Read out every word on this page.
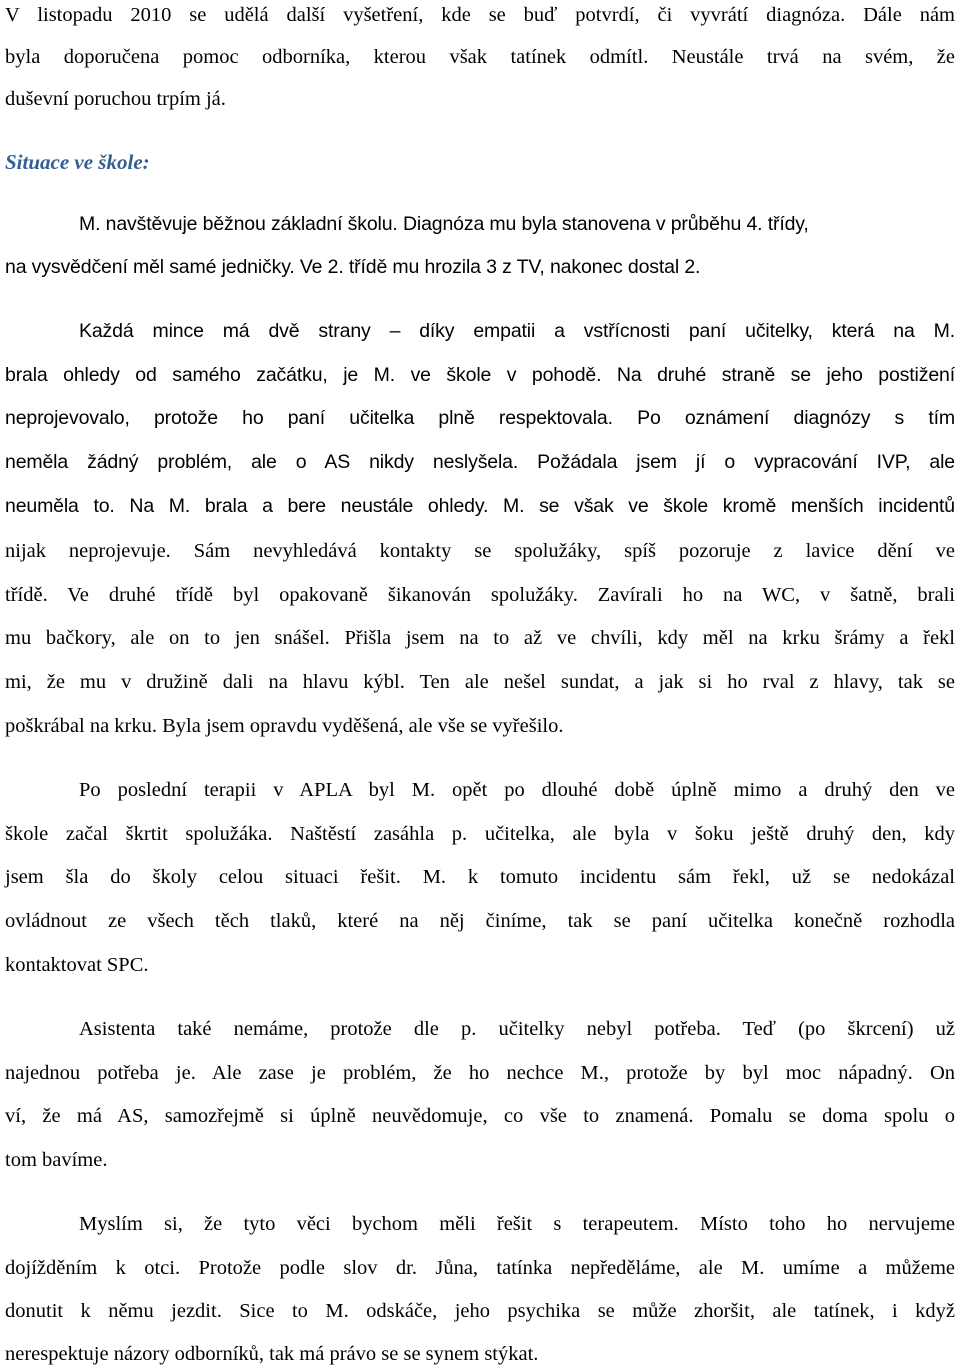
V listopadu 2010 se udělá další vyšetření, kde se buď potvrdí, či vyvrátí diagnóza. Dále nám

byla doporučena pomoc odborníka, kterou však tatínek odmítl. Neustále trvá na svém, že

duševní poruchou trpím já.

Situace ve škole:

M. navštěvuje běžnou základní školu. Diagnóza mu byla stanovena v průběhu 4. třídy,

na vysvědčení měl samé jedničky. Ve 2. třídě mu hrozila 3 z TV, nakonec dostal 2.

Každá mince má dvě strany – díky empatii a vstřícnosti paní učitelky, která na M.

brala ohledy od samého začátku, je M. ve škole v pohodě. Na druhé straně se jeho postižení

neprojevovalo, protože ho paní učitelka plně respektovala. Po oznámení diagnózy s tím

neměla žádný problém, ale o AS nikdy neslyšela. Požádala jsem jí o vypracování IVP, ale

neuměla to. Na M. brala a bere neustále ohledy. M. se však ve škole kromě menších incidentů

nijak neprojevuje. Sám nevyhledává kontakty se spolužáky, spíš pozoruje z lavice dění ve

třídě. Ve druhé třídě byl opakovaně šikanován spolužáky. Zavírali ho na WC, v šatně, brali

mu bačkory, ale on to jen snášel. Přišla jsem na to až ve chvíli, kdy měl na krku šrámy a řekl

mi, že mu v družině dali na hlavu kýbl. Ten ale nešel sundat, a jak si ho rval z hlavy, tak se

poškrábal na krku. Byla jsem opravdu vyděšená, ale vše se vyřešilo.

Po poslední terapii v APLA byl M. opět po dlouhé době úplně mimo a druhý den ve

škole začal škrtit spolužáka. Naštěstí zasáhla p. učitelka, ale byla v šoku ještě druhý den, kdy

jsem šla do školy celou situaci řešit. M. k tomuto incidentu sám řekl, už se nedokázal

ovládnout ze všech těch tlaků, které na něj činíme, tak se paní učitelka konečně rozhodla

kontaktovat SPC.

Asistenta také nemáme, protože dle p. učitelky nebyl potřeba. Teď (po škrcení) už

najednou potřeba je. Ale zase je problém, že ho nechce M., protože by byl moc nápadný. On

ví, že má AS, samozřejmě si úplně neuvědomuje, co vše to znamená. Pomalu se doma spolu o

tom bavíme.

Myslím si, že tyto věci bychom měli řešit s terapeutem. Místo toho ho nervujeme

dojížděním k otci. Protože podle slov dr. Jůna, tatínka nepředěláme, ale M. umíme a můžeme

donutit k němu jezdit. Sice to M. odskáče, jeho psychika se může zhoršit, ale tatínek, i když

nerespektuje názory odborníků, tak má právo se se synem stýkat.
